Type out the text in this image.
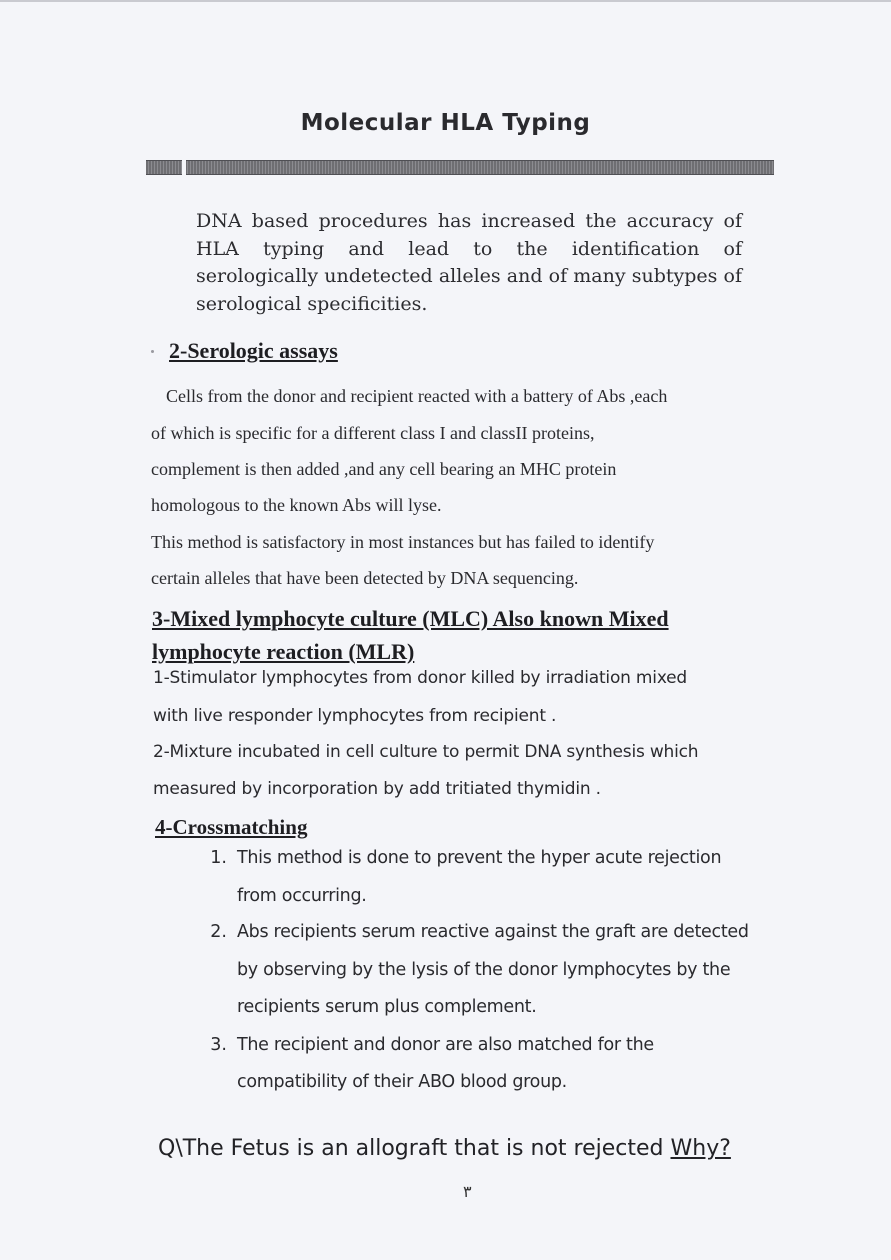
Molecular HLA Typing
DNA based procedures has increased the accuracy of HLA typing and lead to the identification of serologically undetected alleles and of many subtypes of serological specificities.
2-Serologic assays
Cells from the donor and recipient reacted with a battery of Abs ,each
of which is specific for a different class I and classII proteins,
complement is then added ,and any cell bearing an MHC protein
homologous to the known Abs will lyse.
This method is satisfactory in most instances but has failed to identify
certain alleles that have been detected by DNA sequencing.
3-Mixed lymphocyte culture (MLC) Also known Mixed lymphocyte reaction (MLR)
1-Stimulator lymphocytes from donor killed by irradiation mixed
with live responder lymphocytes from recipient .
2-Mixture incubated in cell culture to permit DNA synthesis which
measured by incorporation by add tritiated thymidin .
4-Crossmatching
1. This method is done to prevent the hyper acute rejection
from occurring.
2. Abs recipients serum reactive against the graft are detected
by observing by the lysis of the donor lymphocytes by the
recipients serum plus complement.
3. The recipient and donor are also matched for the
compatibility of their ABO blood group.
Q\The Fetus is an allograft that is not rejected Why?
٣
